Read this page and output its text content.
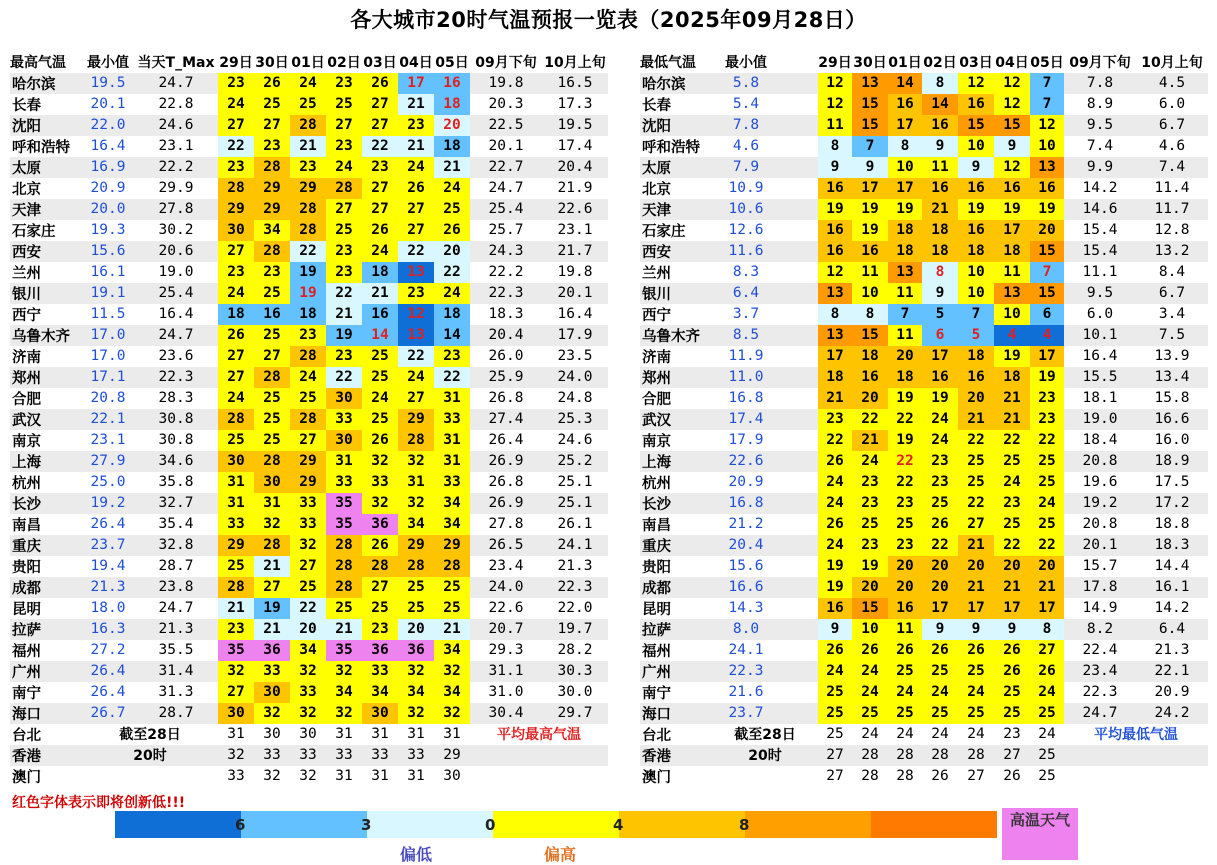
各大城市20时气温预报一览表（2025年09月28日）
最高气温	最小值	当天T_Max	29日	30日	01日	02日	03日	04日	05日	09月下旬	10月上旬
哈尔滨	19.5	24.7	23	26	24	23	26	17	16	19.8	16.5
长春	20.1	22.8	24	25	25	25	27	21	18	20.3	17.3
沈阳	22.0	24.6	27	27	28	27	27	23	20	22.5	19.5
呼和浩特	16.4	23.1	22	23	21	23	22	21	18	20.1	17.4
太原	16.9	22.2	23	28	23	24	23	24	21	22.7	20.4
北京	20.9	29.9	28	29	29	28	27	26	24	24.7	21.9
天津	20.0	27.8	29	29	28	27	27	27	25	25.4	22.6
石家庄	19.3	30.2	30	34	28	25	26	27	26	25.7	23.1
西安	15.6	20.6	27	28	22	23	24	22	20	24.3	21.7
兰州	16.1	19.0	23	23	19	23	18	13	22	22.2	19.8
银川	19.1	25.4	24	25	19	22	21	23	24	22.3	20.1
西宁	11.5	16.4	18	16	18	21	16	12	18	18.3	16.4
乌鲁木齐	17.0	24.7	26	25	23	19	14	13	14	20.4	17.9
济南	17.0	23.6	27	27	28	23	25	22	23	26.0	23.5
郑州	17.1	22.3	27	28	24	22	25	24	22	25.9	24.0
合肥	20.8	28.3	24	25	25	30	24	27	31	26.8	24.8
武汉	22.1	30.8	28	25	28	33	25	29	33	27.4	25.3
南京	23.1	30.8	25	25	27	30	26	28	31	26.4	24.6
上海	27.9	34.6	30	28	29	31	32	32	31	26.9	25.2
杭州	25.0	35.8	31	30	29	33	33	31	33	26.8	25.1
长沙	19.2	32.7	31	31	33	35	32	32	34	26.9	25.1
南昌	26.4	35.4	33	32	33	35	36	34	34	27.8	26.1
重庆	23.7	32.8	29	28	32	28	26	29	29	26.5	24.1
贵阳	19.4	28.7	25	21	27	28	28	28	28	23.4	21.3
成都	21.3	23.8	28	27	25	28	27	25	25	24.0	22.3
昆明	18.0	24.7	21	19	22	25	25	25	25	22.6	22.0
拉萨	16.3	21.3	23	21	20	21	23	20	21	20.7	19.7
福州	27.2	35.5	35	36	34	35	36	36	34	29.3	28.2
广州	26.4	31.4	32	33	32	32	33	32	32	31.1	30.3
南宁	26.4	31.3	27	30	33	34	34	34	34	31.0	30.0
海口	26.7	28.7	30	32	32	32	30	32	32	30.4	29.7
台北	截至28日		31	30	30	31	31	31	31	平均最高气温	
香港	20时		32	33	33	33	33	33	29		
澳门			33	32	32	31	31	31	30		
最低气温	最小值		29日	30日	01日	02日	03日	04日	05日	09月下旬	10月上旬
哈尔滨	5.8		12	13	14	8	12	12	7	7.8	4.5
长春	5.4		12	15	16	14	16	12	7	8.9	6.0
沈阳	7.8		11	15	17	16	15	15	12	9.5	6.7
呼和浩特	4.6		8	7	8	9	10	9	10	7.4	4.6
太原	7.9		9	9	10	11	9	12	13	9.9	7.4
北京	10.9		16	17	17	16	16	16	16	14.2	11.4
天津	10.6		19	19	19	21	19	19	19	14.6	11.7
石家庄	12.6		16	19	18	18	16	17	20	15.4	12.8
西安	11.6		16	16	18	18	18	18	15	15.4	13.2
兰州	8.3		12	11	13	8	10	11	7	11.1	8.4
银川	6.4		13	10	11	9	10	13	15	9.5	6.7
西宁	3.7		8	8	7	5	7	10	6	6.0	3.4
乌鲁木齐	8.5		13	15	11	6	5	4	4	10.1	7.5
济南	11.9		17	18	20	17	18	19	17	16.4	13.9
郑州	11.0		18	16	18	16	16	18	19	15.5	13.4
合肥	16.8		21	20	19	19	20	21	23	18.1	15.8
武汉	17.4		23	22	22	24	21	21	23	19.0	16.6
南京	17.9		22	21	19	24	22	22	22	18.4	16.0
上海	22.6		26	24	22	23	25	25	25	20.8	18.9
杭州	20.9		24	23	22	23	25	24	25	19.6	17.5
长沙	16.8		24	23	23	25	22	23	24	19.2	17.2
南昌	21.2		26	25	25	26	27	25	25	20.8	18.8
重庆	20.4		24	23	23	22	21	22	22	20.1	18.3
贵阳	15.6		19	19	20	20	20	20	20	15.7	14.4
成都	16.6		19	20	20	20	21	21	21	17.8	16.1
昆明	14.3		16	15	16	17	17	17	17	14.9	14.2
拉萨	8.0		9	10	11	9	9	9	8	8.2	6.4
福州	24.1		26	26	26	26	26	26	27	22.4	21.3
广州	22.3		24	24	25	25	25	26	26	23.4	22.1
南宁	21.6		25	24	24	24	24	25	24	22.3	20.9
海口	23.7		25	25	25	25	25	25	25	24.7	24.2
台北	截至28日		25	24	24	24	24	23	24	平均最低气温	
香港	20时		27	28	28	28	28	27	25		
澳门			27	28	28	26	27	26	25		
红色字体表示即将创新低!!!
6	3	0	4	8	高温天气
偏低	偏高
